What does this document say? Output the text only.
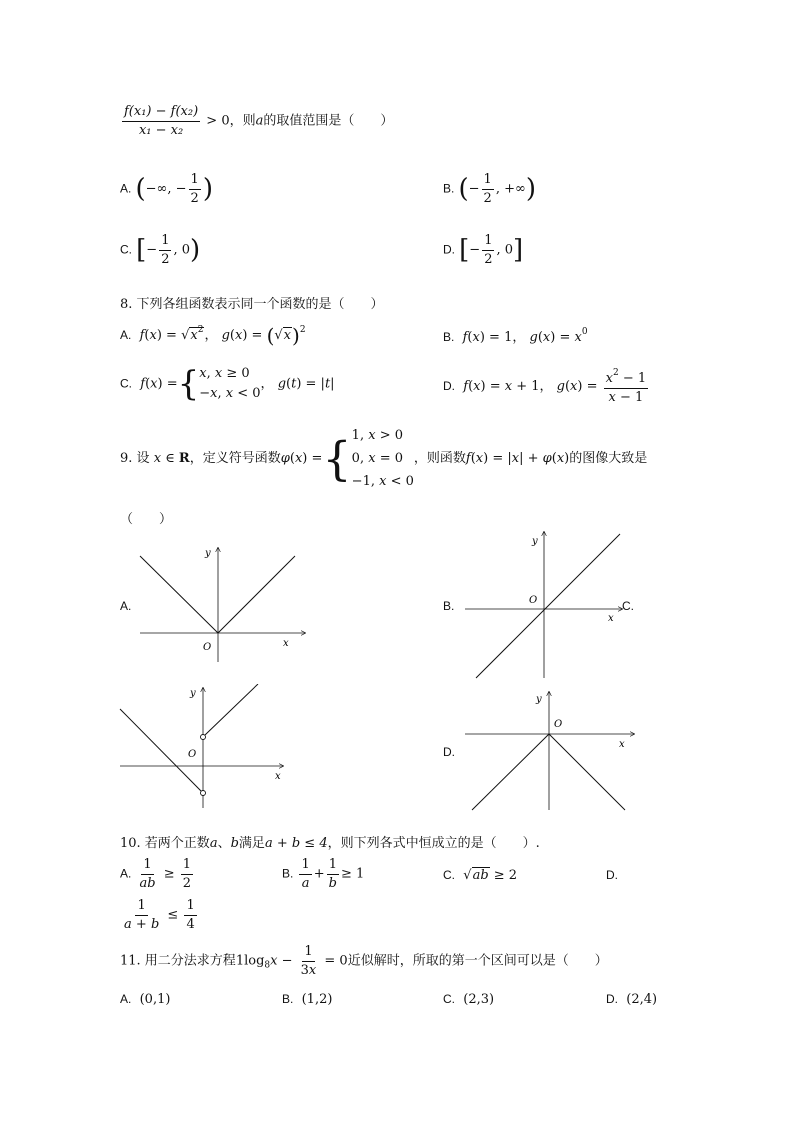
$\frac{\text{f(x₁) − f(x₂)}}{\text{x₁ − x₂}} > 0$，则a的取值范围是（　　）
A. (−∞, − $\frac{1}{2}$ )	B. (− $\frac{1}{2}$ , +∞)
C. [− $\frac{1}{2}$ , 0)	D. [− $\frac{1}{2}$ , 0]
8. 下列各组函数表示同一个函数的是（　　）
A. $f(x) = √x^2$， $g(x) = (√x)^2$	B. f(x) = 1， $g(x) = x^0$
C. f(x) ={x, x ≥ 0
−x, x < 0， g(t) = |t|	D. f(x) = x + 1， $g(x) = \frac{x^2 - 1}{x - 1}$
9. 设 x ∈ R，定义符号函数φ(x) ={1, x > 0
0, x = 0
−1, x < 0，则函数f(x) = |x| + φ(x)的图像大致是
（　　）
A.
y
x
O
B.
y
x
O	C.
y
x
O	D.
y
x
O
10. 若两个正数a、b满足a + b ≤ 4，则下列各式中恒成立的是（　　）.
A. $\frac{1}{ab} \ge \frac{1}{2}$	B. $\frac{1}{a} + \frac{1}{b} \ge 1$	C.  √ab ≥ 2	D.
$\frac{1}{a + b} \le \frac{1}{4}$
11. 用二分法求方程$1\log_8x - \frac{1}{3x} = 0$近似解时，所取的第一个区间可以是（　　）
A. (0,1)	B. (1,2)	C. (2,3)	D. (2,4)
